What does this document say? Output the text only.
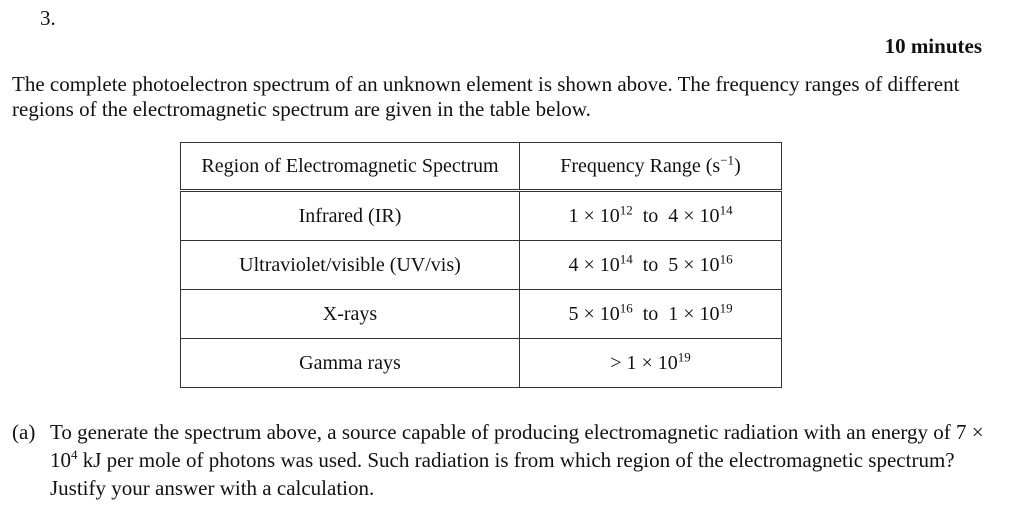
3.
10 minutes
The complete photoelectron spectrum of an unknown element is shown above. The frequency ranges of different regions of the electromagnetic spectrum are given in the table below.
Region of Electromagnetic Spectrum	Frequency Range $(s^{-1})$
Infrared (IR)	$1 \times 10^{12}$ to $4 \times 10^{14}$
Ultraviolet/visible (UV/vis)	$4 \times 10^{14}$ to $5 \times 10^{16}$
X-rays	$5 \times 10^{16}$ to $1 \times 10^{19}$
Gamma rays	> $1 \times 10^{19}$
(a) To generate the spectrum above, a source capable of producing electromagnetic radiation with an energy of $7 \times 10^4$ kJ per mole of photons was used. Such radiation is from which region of the electromagnetic spectrum? Justify your answer with a calculation.
